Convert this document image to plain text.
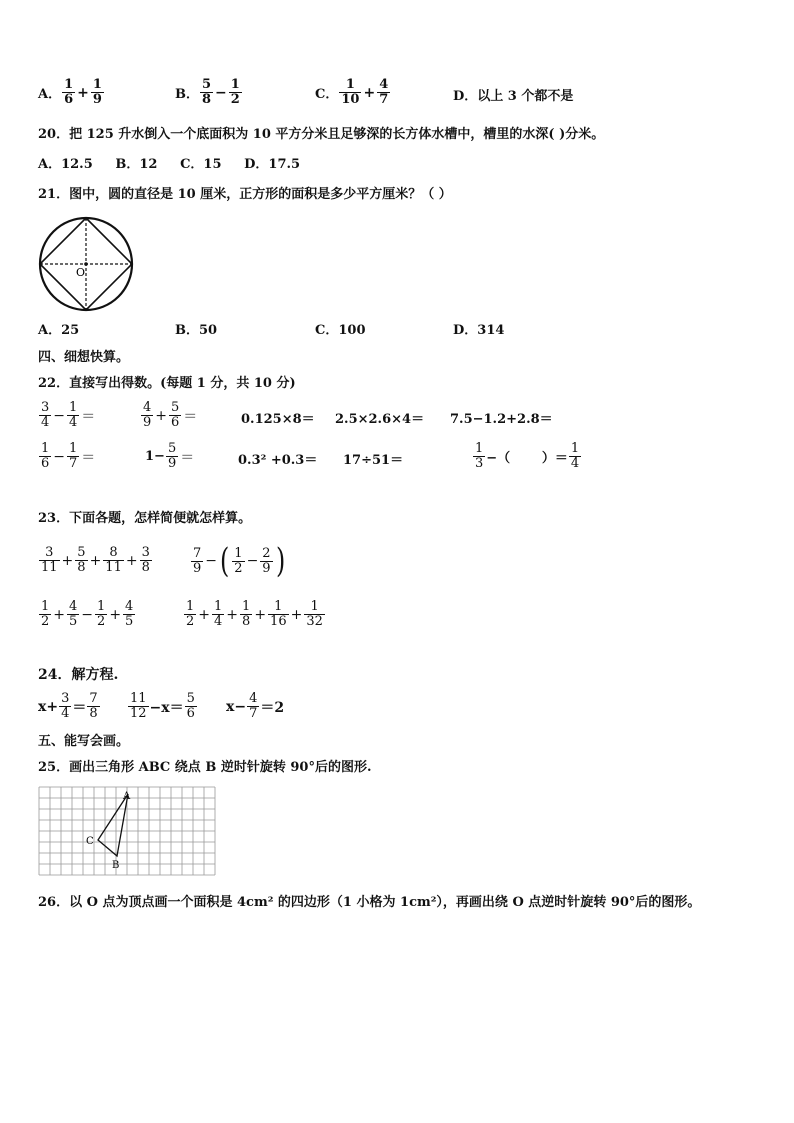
A． $\frac{1}{6} + \frac{1}{9}$	B． $\frac{5}{8} - \frac{1}{2}$	C． $\frac{1}{10} + \frac{4}{7}$	D．以上 3 个都不是
20．把 125 升水倒入一个底面积为 10 平方分米且足够深的长方体水槽中，槽里的水深( )分米。
A．12.5     B．12     C．15     D．17.5
21．图中，圆的直径是 10 厘米，正方形的面积是多少平方厘米？（ ）
O
A．25	B．50	C．100	D．314
四、细想快算。
22．直接写出得数。(每题 1 分，共 10 分)
$\frac{3}{4} - \frac{1}{4}$ ＝	$\frac{4}{9} + \frac{5}{6}$ ＝	0.125×8＝ 2.5×2.6×4＝ 7.5−1.2+2.8＝
$\frac{1}{6} - \frac{1}{7}$ ＝	$1- \frac{5}{9}$ ＝	0.3² +0.3＝ 17÷51＝	$\frac{1}{3}$ −（       ）＝ $\frac{1}{4}$
23．下面各题，怎样简便就怎样算。
$\frac{3}{11} + \frac{5}{8} + \frac{8}{11} + \frac{3}{8}$	$\frac{7}{9}$ −( $\frac{1}{2} - \frac{2}{9}$ )
$\frac{1}{2} + \frac{4}{5} - \frac{1}{2} + \frac{4}{5}$	$\frac{1}{2} + \frac{1}{4} + \frac{1}{8} + \frac{1}{16} + \frac{1}{32}$
24．解方程.
$x+ \frac{3}{4} = \frac{7}{8} \frac{11}{12} -x= \frac{5}{6} x- \frac{4}{7} =2$
五、能写会画。
25．画出三角形 ABC 绕点 B 逆时针旋转 90°后的图形.
A
C
B
26．以 O 点为顶点画一个面积是 4cm² 的四边形（1 小格为 1cm²），再画出绕 O 点逆时针旋转 90°后的图形。
